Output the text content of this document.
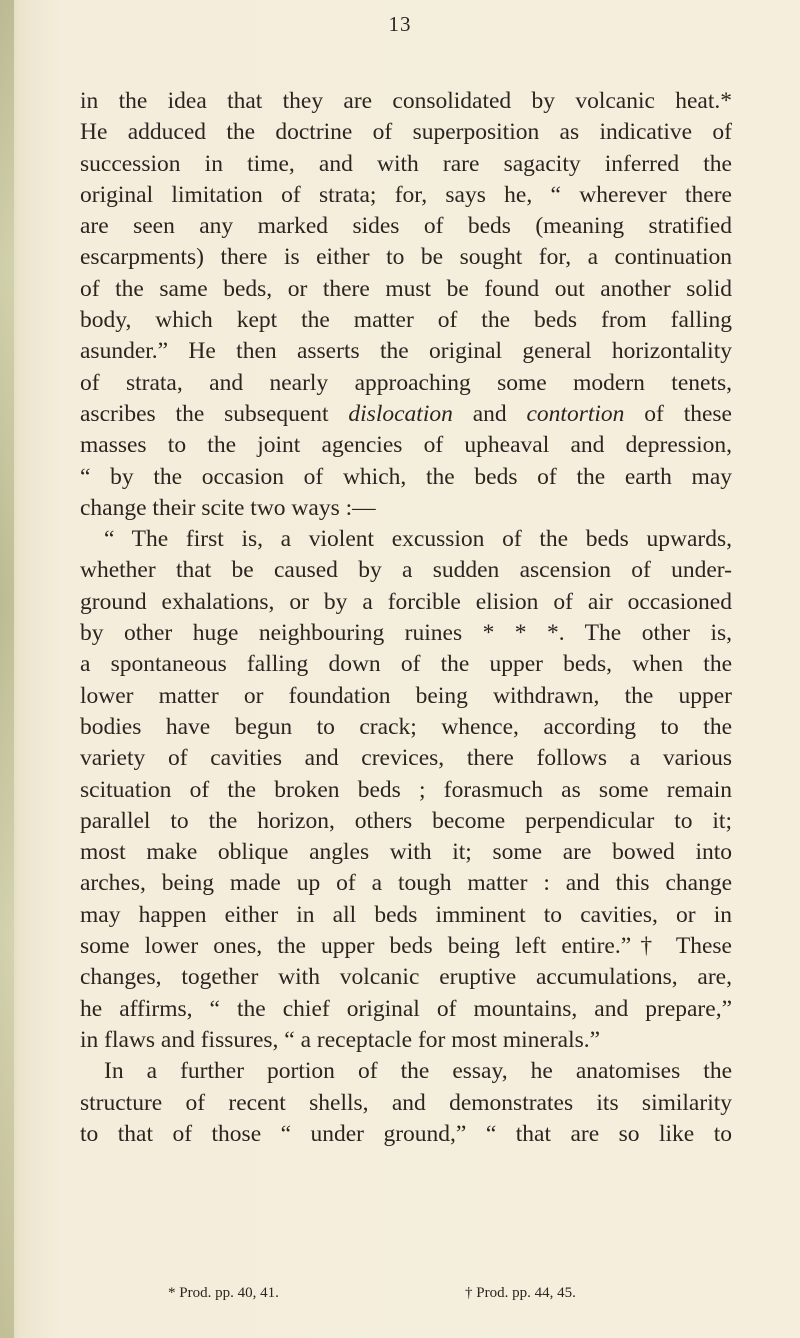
13
in the idea that they are consolidated by volcanic heat.*
He adduced the doctrine of superposition as indicative of
succession in time, and with rare sagacity inferred the
original limitation of strata; for, says he, “ wherever there
are seen any marked sides of beds (meaning stratified
escarpments) there is either to be sought for, a continuation
of the same beds, or there must be found out another solid
body, which kept the matter of the beds from falling
asunder.” He then asserts the original general horizontality
of strata, and nearly approaching some modern tenets,
ascribes the subsequent dislocation and contortion of these
masses to the joint agencies of upheaval and depression,
“ by the occasion of which, the beds of the earth may
change their scite two ways :—
“ The first is, a violent excussion of the beds upwards,
whether that be caused by a sudden ascension of under-
ground exhalations, or by a forcible elision of air occasioned
by other huge neighbouring ruines * * *. The other is,
a spontaneous falling down of the upper beds, when the
lower matter or foundation being withdrawn, the upper
bodies have begun to crack; whence, according to the
variety of cavities and crevices, there follows a various
scituation of the broken beds ; forasmuch as some remain
parallel to the horizon, others become perpendicular to it;
most make oblique angles with it; some are bowed into
arches, being made up of a tough matter : and this change
may happen either in all beds imminent to cavities, or in
some lower ones, the upper beds being left entire.”† These
changes, together with volcanic eruptive accumulations, are,
he affirms, “ the chief original of mountains, and prepare,”
in flaws and fissures, “ a receptacle for most minerals.”
In a further portion of the essay, he anatomises the
structure of recent shells, and demonstrates its similarity
to that of those “ under ground,” “ that are so like to
* Prod. pp. 40, 41.	† Prod. pp. 44, 45.
